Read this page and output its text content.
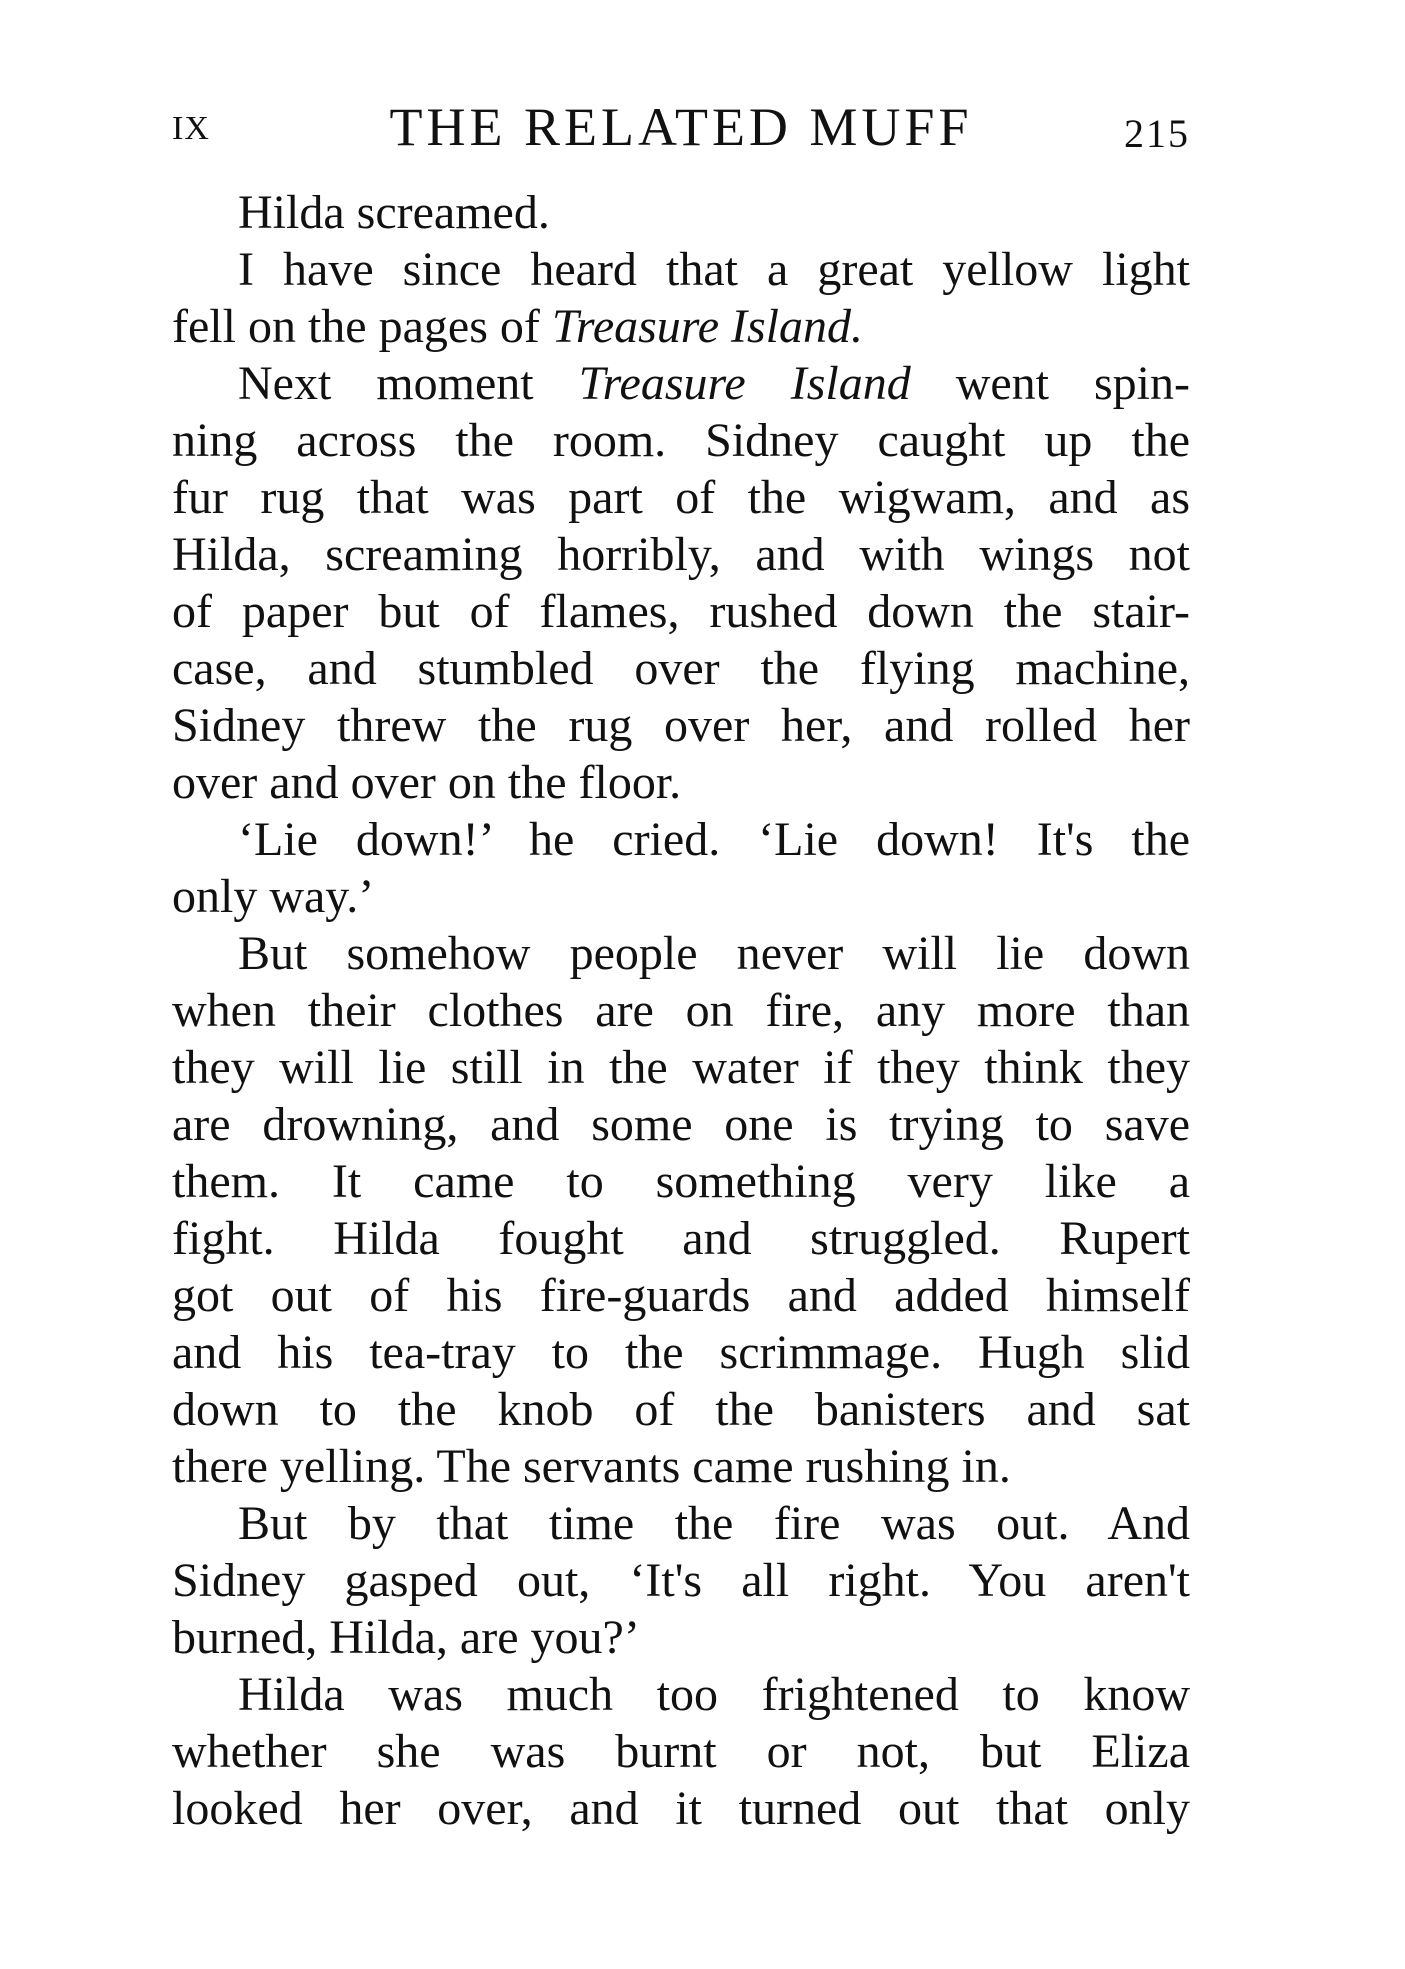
IX	THE RELATED MUFF	215
Hilda screamed.
I have since heard that a great yellow light
fell on the pages of Treasure Island.
Next moment Treasure Island went spin-
ning across the room. Sidney caught up the
fur rug that was part of the wigwam, and as
Hilda, screaming horribly, and with wings not
of paper but of flames, rushed down the stair-
case, and stumbled over the flying machine,
Sidney threw the rug over her, and rolled her
over and over on the floor.
‘Lie down!’ he cried. ‘Lie down! It's the
only way.’
But somehow people never will lie down
when their clothes are on fire, any more than
they will lie still in the water if they think they
are drowning, and some one is trying to save
them. It came to something very like a
fight. Hilda fought and struggled. Rupert
got out of his fire-guards and added himself
and his tea-tray to the scrimmage. Hugh slid
down to the knob of the banisters and sat
there yelling. The servants came rushing in.
But by that time the fire was out. And
Sidney gasped out, ‘It's all right. You aren't
burned, Hilda, are you?’
Hilda was much too frightened to know
whether she was burnt or not, but Eliza
looked her over, and it turned out that only
